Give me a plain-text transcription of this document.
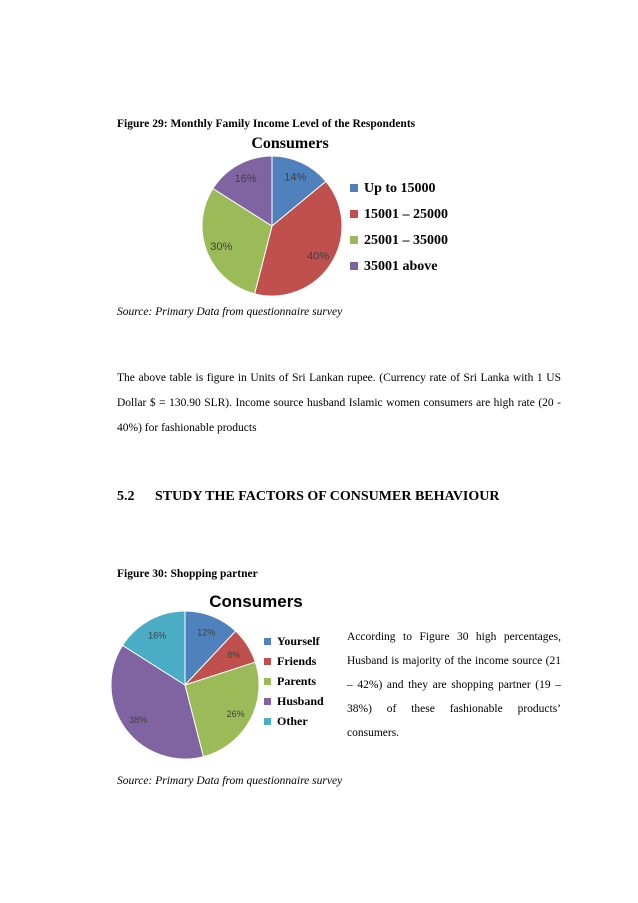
Figure 29: Monthly Family Income Level of the Respondents
Consumers
14%
40%
30%
16%
Up to 15000
15001 – 25000
25001 – 35000
35001 above
Source: Primary Data from questionnaire survey

The above table is figure in Units of Sri Lankan rupee. (Currency rate of Sri Lanka with 1 US Dollar $ = 130.90 SLR). Income source husband Islamic women consumers are high rate (20 - 40%) for fashionable products

5.2 STUDY THE FACTORS OF CONSUMER BEHAVIOUR
Figure 30: Shopping partner
Consumers
12%
8%
26%
38%
16%	Yourself
Friends
Parents
Husband
Other
According to Figure 30 high percentages, Husband is majority of the income source (21 – 42%) and they are shopping partner (19 – 38%) of these fashionable products’ consumers.
Source: Primary Data from questionnaire survey
